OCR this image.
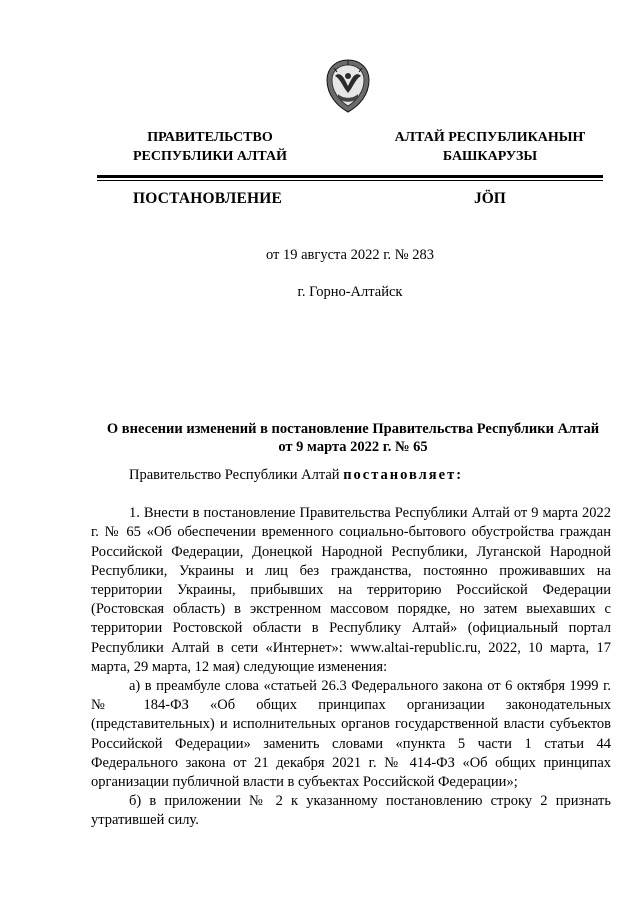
ПРАВИТЕЛЬСТВО
РЕСПУБЛИКИ АЛТАЙ
АЛТАЙ РЕСПУБЛИКАНЫҤ
БАШКАРУЗЫ
ПОСТАНОВЛЕНИЕ	JÖП
от 19 августа 2022 г. № 283
г. Горно-Алтайск
О внесении изменений в постановление Правительства Республики Алтай
от 9 марта 2022 г. № 65

Правительство Республики Алтай постановляет:

1. Внести в постановление Правительства Республики Алтай от 9 марта 2022 г. № 65 «Об обеспечении временного социально-бытового обустройства граждан Российской Федерации, Донецкой Народной Республики, Луганской Народной Республики, Украины и лиц без гражданства, постоянно проживавших на территории Украины, прибывших на территорию Российской Федерации (Ростовская область) в экстренном массовом порядке, но затем выехавших с территории Ростовской области в Республику Алтай» (официальный портал Республики Алтай в сети «Интернет»: www.altai-republic.ru, 2022, 10 марта, 17 марта, 29 марта, 12 мая) следующие изменения:

а) в преамбуле слова «статьей 26.3 Федерального закона от 6 октября 1999 г. № 184-ФЗ «Об общих принципах организации законодательных (представительных) и исполнительных органов государственной власти субъектов Российской Федерации» заменить словами «пункта 5 части 1 статьи 44 Федерального закона от 21 декабря 2021 г. № 414-ФЗ «Об общих принципах организации публичной власти в субъектах Российской Федерации»;

б) в приложении № 2 к указанному постановлению строку 2 признать утратившей силу.
